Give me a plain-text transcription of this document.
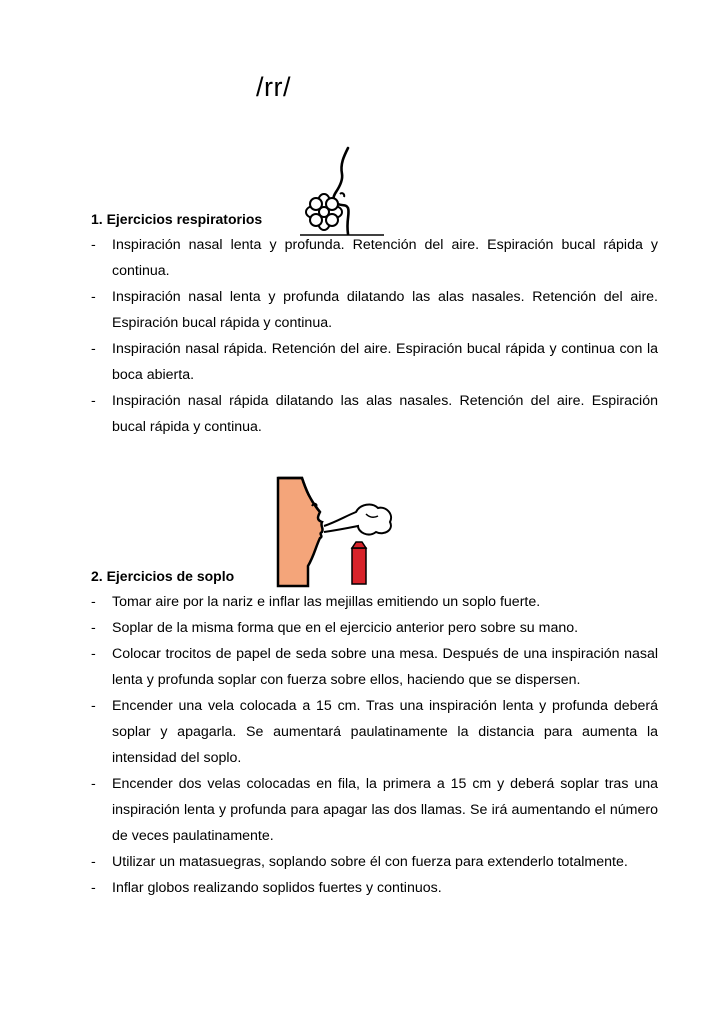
/rr/
1. Ejercicios respiratorios
- Inspiración nasal lenta y profunda. Retención del aire. Espiración bucal rápida y continua.
- Inspiración nasal lenta y profunda dilatando las alas nasales. Retención del aire. Espiración bucal rápida y continua.
- Inspiración nasal rápida. Retención del aire. Espiración bucal rápida y continua con la boca abierta.
- Inspiración nasal rápida dilatando las alas nasales. Retención del aire. Espiración bucal rápida y continua.
2. Ejercicios de soplo
- Tomar aire por la nariz e inflar las mejillas emitiendo un soplo fuerte.
- Soplar de la misma forma que en el ejercicio anterior pero sobre su mano.
- Colocar trocitos de papel de seda sobre una mesa. Después de una inspiración nasal lenta y profunda soplar con fuerza sobre ellos, haciendo que se dispersen.
- Encender una vela colocada a 15 cm. Tras una inspiración lenta y profunda deberá soplar y apagarla. Se aumentará paulatinamente la distancia para aumenta la intensidad del soplo.
- Encender dos velas colocadas en fila, la primera a 15 cm y deberá soplar tras una inspiración lenta y profunda para apagar las dos llamas. Se irá aumentando el número de veces paulatinamente.
- Utilizar un matasuegras, soplando sobre él con fuerza para extenderlo totalmente.
- Inflar globos realizando soplidos fuertes y continuos.
